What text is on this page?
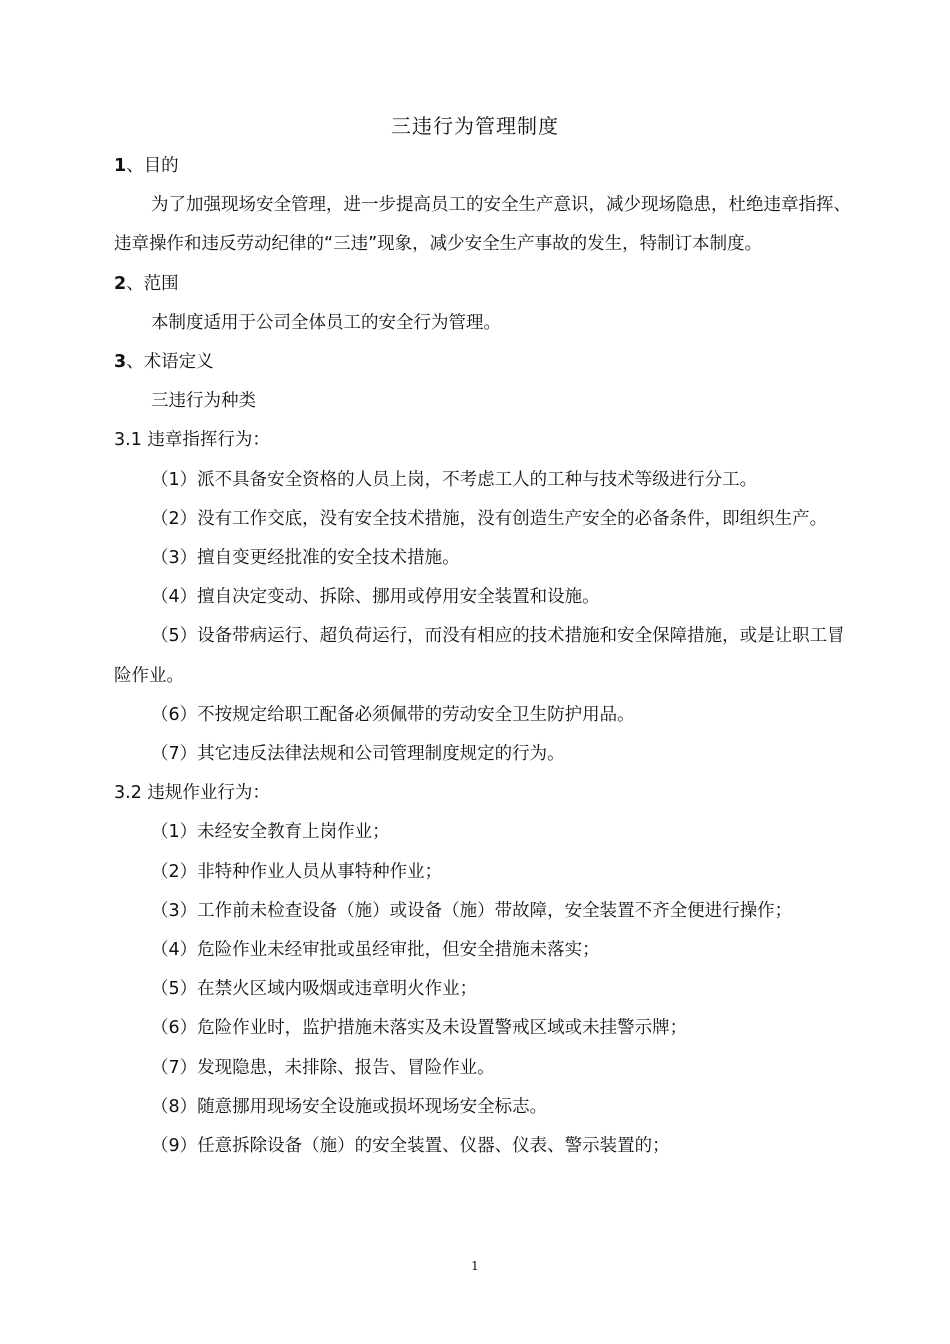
三违行为管理制度

1、目的

为了加强现场安全管理，进一步提高员工的安全生产意识，减少现场隐患，杜绝违章指挥、违章操作和违反劳动纪律的“三违”现象，减少安全生产事故的发生，特制订本制度。

2、范围

本制度适用于公司全体员工的安全行为管理。

3、术语定义

三违行为种类

3.1 违章指挥行为：

（1）派不具备安全资格的人员上岗，不考虑工人的工种与技术等级进行分工。

（2）没有工作交底，没有安全技术措施，没有创造生产安全的必备条件，即组织生产。

（3）擅自变更经批准的安全技术措施。

（4）擅自决定变动、拆除、挪用或停用安全装置和设施。

（5）设备带病运行、超负荷运行，而没有相应的技术措施和安全保障措施，或是让职工冒险作业。

（6）不按规定给职工配备必须佩带的劳动安全卫生防护用品。

（7）其它违反法律法规和公司管理制度规定的行为。

3.2 违规作业行为：

（1）未经安全教育上岗作业；

（2）非特种作业人员从事特种作业；

（3）工作前未检查设备（施）或设备（施）带故障，安全装置不齐全便进行操作；

（4）危险作业未经审批或虽经审批，但安全措施未落实；

（5）在禁火区域内吸烟或违章明火作业；

（6）危险作业时，监护措施未落实及未设置警戒区域或未挂警示牌；

（7）发现隐患，未排除、报告、冒险作业。

（8）随意挪用现场安全设施或损坏现场安全标志。

（9）任意拆除设备（施）的安全装置、仪器、仪表、警示装置的；

1
